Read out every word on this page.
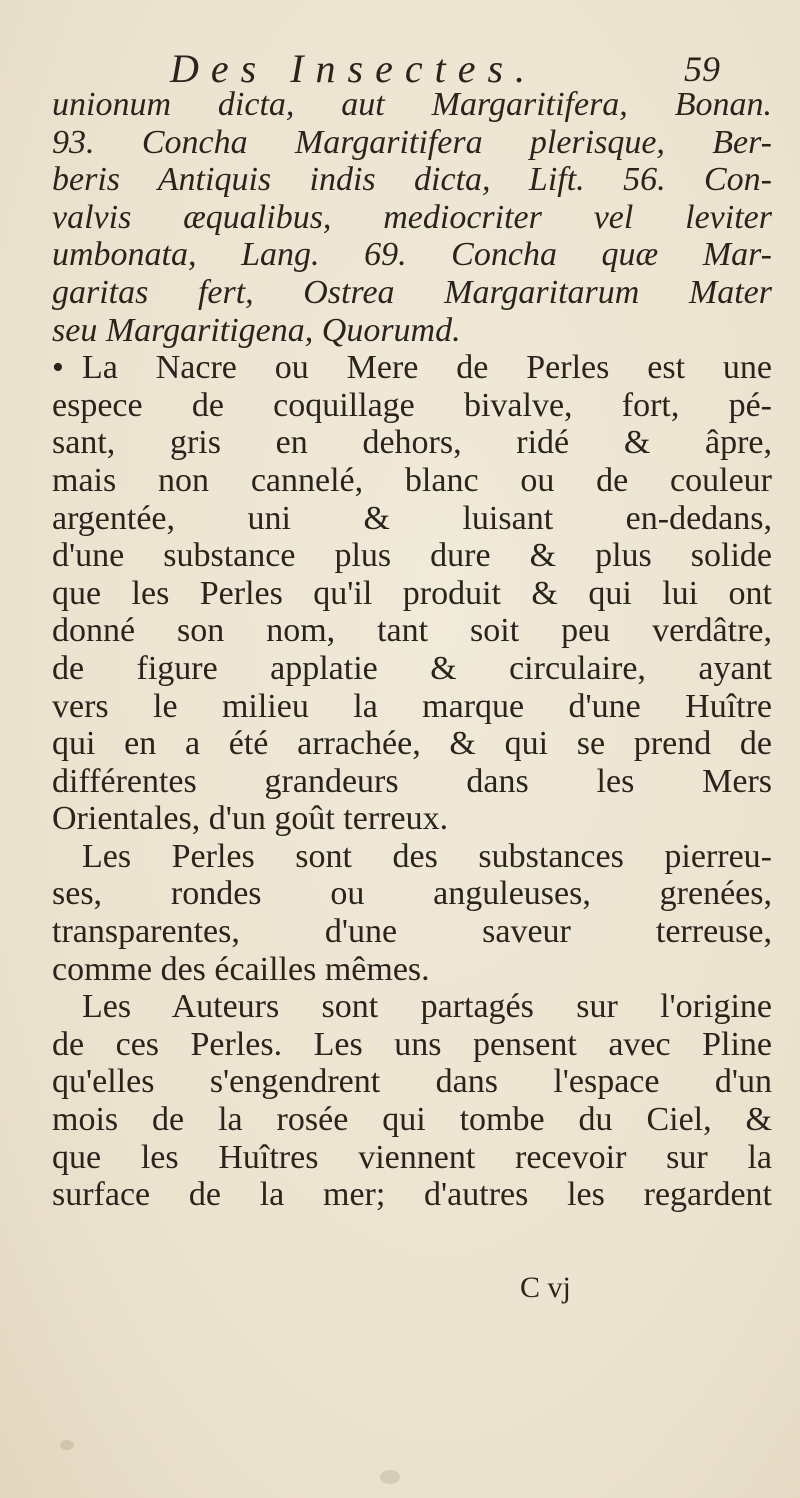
Des Insectes.	59
unionum dicta, aut Margaritifera, Bonan.
93. Concha Margaritifera plerisque, Ber-
beris Antiquis indis dicta, Lift. 56. Con-
valvis æqualibus, mediocriter vel leviter
umbonata, Lang. 69. Concha quæ Mar-
garitas fert, Ostrea Margaritarum Mater
seu Margaritigena, Quorumd.
• La Nacre ou Mere de Perles est une
espece de coquillage bivalve, fort, pé-
sant, gris en dehors, ridé & âpre,
mais non cannelé, blanc ou de couleur
argentée, uni & luisant en-dedans,
d'une substance plus dure & plus solide
que les Perles qu'il produit & qui lui ont
donné son nom, tant soit peu verdâtre,
de figure applatie & circulaire, ayant
vers le milieu la marque d'une Huître
qui en a été arrachée, & qui se prend de
différentes grandeurs dans les Mers
Orientales, d'un goût terreux.
Les Perles sont des substances pierreu-
ses, rondes ou anguleuses, grenées,
transparentes, d'une saveur terreuse,
comme des écailles mêmes.
Les Auteurs sont partagés sur l'origine
de ces Perles. Les uns pensent avec Pline
qu'elles s'engendrent dans l'espace d'un
mois de la rosée qui tombe du Ciel, &
que les Huîtres viennent recevoir sur la
surface de la mer; d'autres les regardent
C vj
